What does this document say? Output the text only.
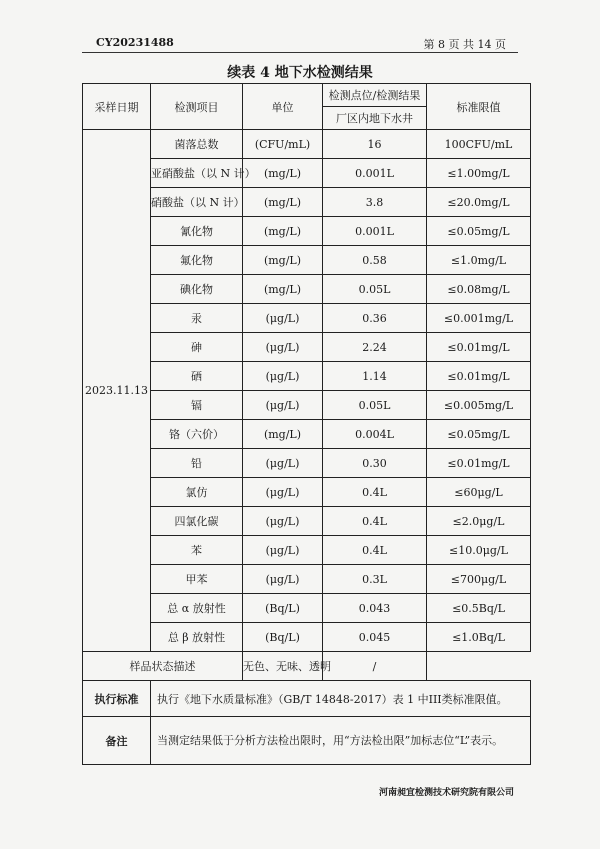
CY20231488	第 8 页 共 14 页
续表 4 地下水检测结果
采样日期	检测项目	单位	检测点位/检测结果	标准限值
			厂区内地下水井	
2023.11.13	菌落总数	(CFU/mL)	16	100CFU/mL
	亚硝酸盐（以 N 计）	(mg/L)	0.001L	≤1.00mg/L
	硝酸盐（以 N 计）	(mg/L)	3.8	≤20.0mg/L
	氰化物	(mg/L)	0.001L	≤0.05mg/L
	氟化物	(mg/L)	0.58	≤1.0mg/L
	碘化物	(mg/L)	0.05L	≤0.08mg/L
	汞	(μg/L)	0.36	≤0.001mg/L
	砷	(μg/L)	2.24	≤0.01mg/L
	硒	(μg/L)	1.14	≤0.01mg/L
	镉	(μg/L)	0.05L	≤0.005mg/L
	铬（六价）	(mg/L)	0.004L	≤0.05mg/L
	铅	(μg/L)	0.30	≤0.01mg/L
	氯仿	(μg/L)	0.4L	≤60μg/L
	四氯化碳	(μg/L)	0.4L	≤2.0μg/L
	苯	(μg/L)	0.4L	≤10.0μg/L
	甲苯	(μg/L)	0.3L	≤700μg/L
	总 α 放射性	(Bq/L)	0.043	≤0.5Bq/L
	总 β 放射性	(Bq/L)	0.045	≤1.0Bq/L
样品状态描述		无色、无味、透明	/	
执行标准	执行《地下水质量标准》（GB/T 14848-2017）表 1 中III类标准限值。			
备注	当测定结果低于分析方法检出限时，用“方法检出限”加标志位“L”表示。			
河南昶宜检测技术研究院有限公司
